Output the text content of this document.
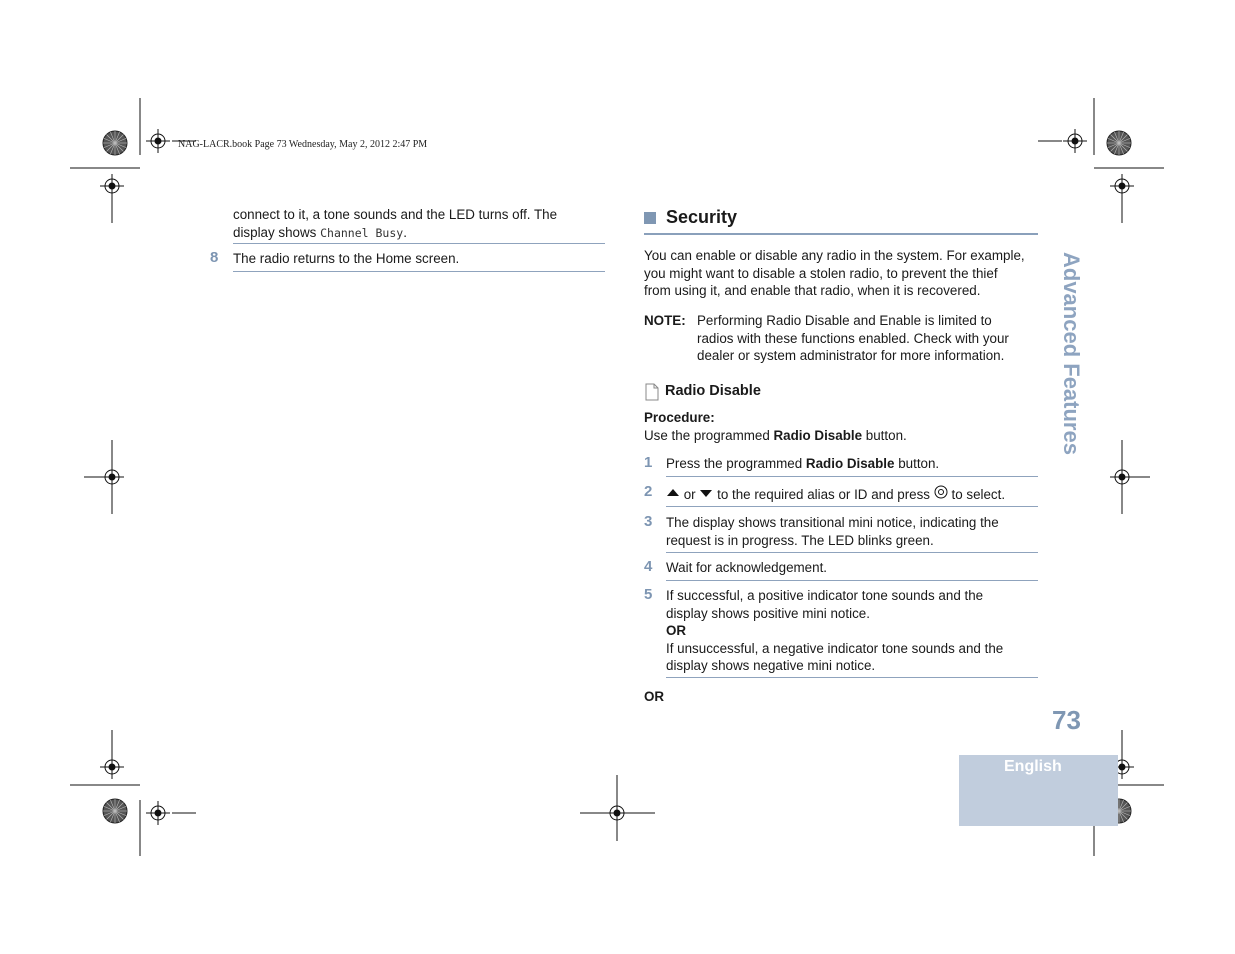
NAG-LACR.book Page 73 Wednesday, May 2, 2012 2:47 PM
connect to it, a tone sounds and the LED turns off. The
display shows Channel Busy.
8 The radio returns to the Home screen.
Security
You can enable or disable any radio in the system. For example,
you might want to disable a stolen radio, to prevent the thief
from using it, and enable that radio, when it is recovered.
NOTE: Performing Radio Disable and Enable is limited to
radios with these functions enabled. Check with your
dealer or system administrator for more information.
Radio Disable
Procedure:
Use the programmed Radio Disable button.
1 Press the programmed Radio Disable button.
2	or to the required alias or ID and press to select.
3 The display shows transitional mini notice, indicating the
request is in progress. The LED blinks green.
4 Wait for acknowledgement.
5 If successful, a positive indicator tone sounds and the
display shows positive mini notice.
OR
If unsuccessful, a negative indicator tone sounds and the
display shows negative mini notice.
OR
Advanced Features
73
English
